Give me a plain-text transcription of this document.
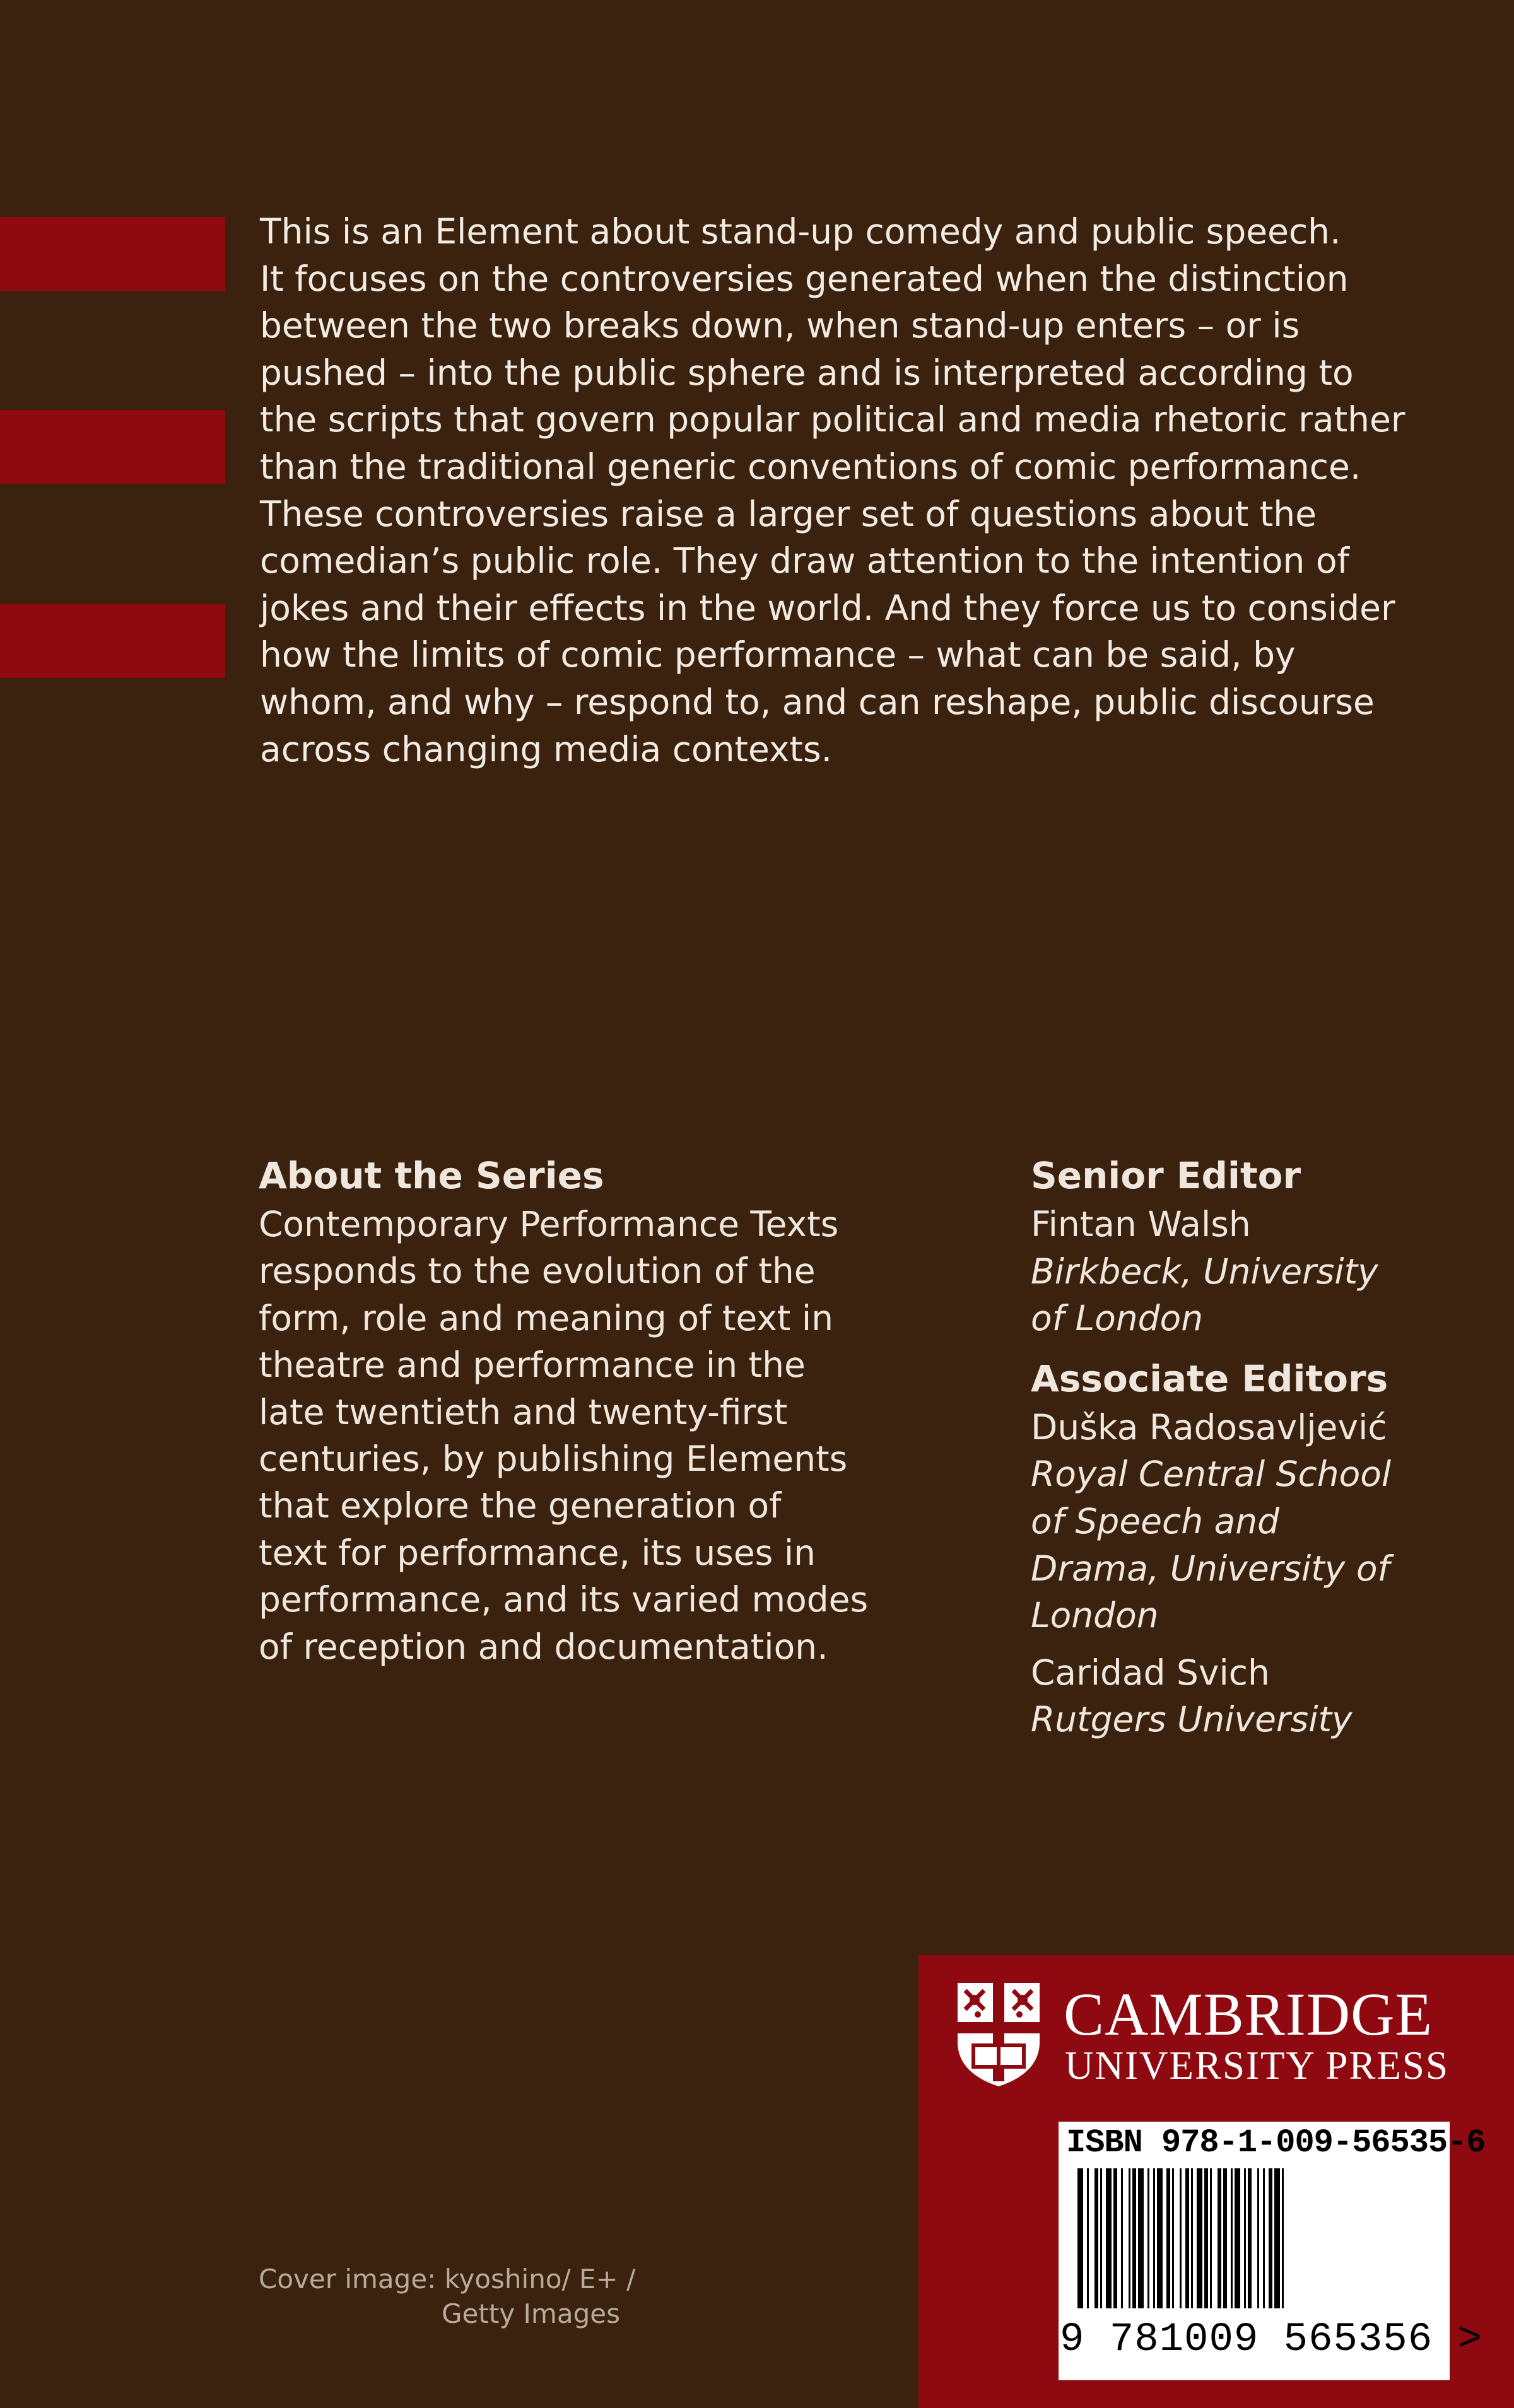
This is an Element about stand-up comedy and public speech.
It focuses on the controversies generated when the distinction
between the two breaks down, when stand-up enters – or is
pushed – into the public sphere and is interpreted according to
the scripts that govern popular political and media rhetoric rather
than the traditional generic conventions of comic performance.
These controversies raise a larger set of questions about the
comedian’s public role. They draw attention to the intention of
jokes and their effects in the world. And they force us to consider
how the limits of comic performance – what can be said, by
whom, and why – respond to, and can reshape, public discourse
across changing media contexts.

About the Series

Contemporary Performance Texts
responds to the evolution of the
form, role and meaning of text in
theatre and performance in the
late twentieth and twenty-first
centuries, by publishing Elements
that explore the generation of
text for performance, its uses in
performance, and its varied modes
of reception and documentation.

Senior Editor
Fintan Walsh
Birkbeck, University
of London
Associate Editors
Duška Radosavljević
Royal Central School
of Speech and
Drama, University of
London
Caridad Svich
Rutgers University
Cover image: kyoshino/ E+ /
Getty Images
CAMBRIDGE
UNIVERSITY PRESS
ISBN 978-1-009-56535-6
9 781009 565356 >
